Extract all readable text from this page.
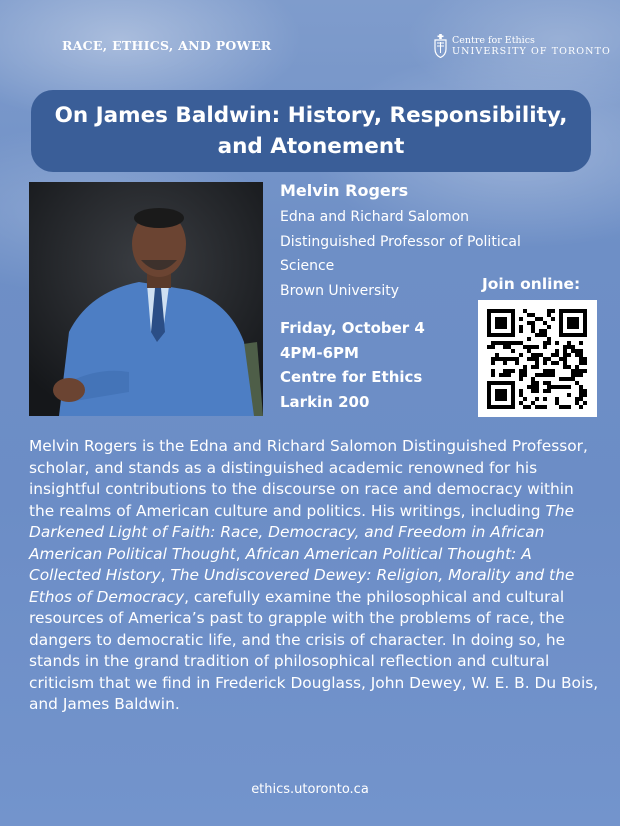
RACE, ETHICS, AND POWER	Centre for Ethics
UNIVERSITY OF TORONTO
On James Baldwin: History, Responsibility, and Atonement
Melvin Rogers
Edna and Richard Salomon
Distinguished Professor of Political
Science
Brown University
Friday, October 4
4PM-6PM
Centre for Ethics
Larkin 200
Join online:

Melvin Rogers is the Edna and Richard Salomon Distinguished Professor, scholar, and stands as a distinguished academic renowned for his insightful contributions to the discourse on race and democracy within the realms of American culture and politics. His writings, including The Darkened Light of Faith: Race, Democracy, and Freedom in African American Political Thought, African American Political Thought: A Collected History, The Undiscovered Dewey: Religion, Morality and the Ethos of Democracy, carefully examine the philosophical and cultural resources of America’s past to grapple with the problems of race, the dangers to democratic life, and the crisis of character. In doing so, he stands in the grand tradition of philosophical reflection and cultural criticism that we find in Frederick Douglass, John Dewey, W. E. B. Du Bois, and James Baldwin.

ethics.utoronto.ca
